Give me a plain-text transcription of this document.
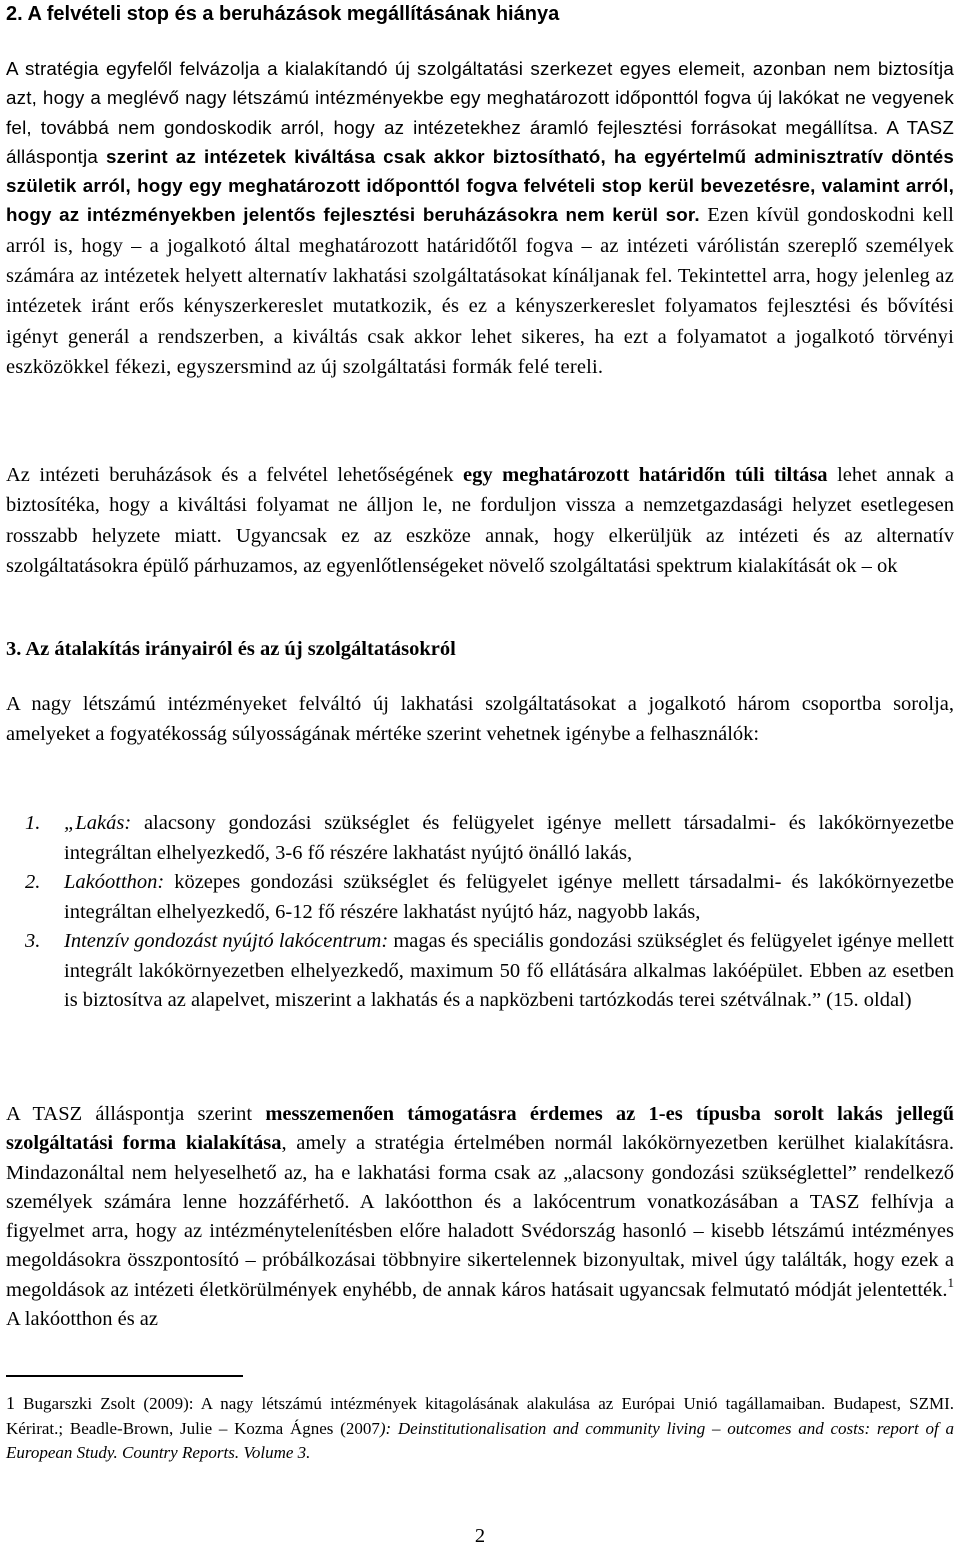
2. A felvételi stop és a beruházások megállításának hiánya

A stratégia egyfelől felvázolja a kialakítandó új szolgáltatási szerkezet egyes elemeit, azonban nem biztosítja azt, hogy a meglévő nagy létszámú intézményekbe egy meghatározott időponttól fogva új lakókat ne vegyenek fel, továbbá nem gondoskodik arról, hogy az intézetekhez áramló fejlesztési forrásokat megállítsa. A TASZ álláspontja szerint az intézetek kiváltása csak akkor biztosítható, ha egyértelmű adminisztratív döntés születik arról, hogy egy meghatározott időponttól fogva felvételi stop kerül bevezetésre, valamint arról, hogy az intézményekben jelentős fejlesztési beruházásokra nem kerül sor. Ezen kívül gondoskodni kell arról is, hogy – a jogalkotó által meghatározott határidőtől fogva – az intézeti várólistán szereplő személyek számára az intézetek helyett alternatív lakhatási szolgáltatásokat kínáljanak fel. Tekintettel arra, hogy jelenleg az intézetek iránt erős kényszerkereslet mutatkozik, és ez a kényszerkereslet folyamatos fejlesztési és bővítési igényt generál a rendszerben, a kiváltás csak akkor lehet sikeres, ha ezt a folyamatot a jogalkotó törvényi eszközökkel fékezi, egyszersmind az új szolgáltatási formák felé tereli.

Az intézeti beruházások és a felvétel lehetőségének egy meghatározott határidőn túli tiltása lehet annak a biztosítéka, hogy a kiváltási folyamat ne álljon le, ne forduljon vissza a nemzetgazdasági helyzet esetlegesen rosszabb helyzete miatt. Ugyancsak ez az eszköze annak, hogy elkerüljük az intézeti és az alternatív szolgáltatásokra épülő párhuzamos, az egyenlőtlenségeket növelő szolgáltatási spektrum kialakítását ok – ok

3. Az átalakítás irányairól és az új szolgáltatásokról

A nagy létszámú intézményeket felváltó új lakhatási szolgáltatásokat a jogalkotó három csoportba sorolja, amelyeket a fogyatékosság súlyosságának mértéke szerint vehetnek igénybe a felhasználók:

1. „Lakás: alacsony gondozási szükséglet és felügyelet igénye mellett társadalmi- és lakókörnyezetbe integráltan elhelyezkedő, 3-6 fő részére lakhatást nyújtó önálló lakás,
2. Lakóotthon: közepes gondozási szükséglet és felügyelet igénye mellett társadalmi- és lakókörnyezetbe integráltan elhelyezkedő, 6-12 fő részére lakhatást nyújtó ház, nagyobb lakás,
3. Intenzív gondozást nyújtó lakócentrum: magas és speciális gondozási szükséglet és felügyelet igénye mellett integrált lakókörnyezetben elhelyezkedő, maximum 50 fő ellátására alkalmas lakóépület. Ebben az esetben is biztosítva az alapelvet, miszerint a lakhatás és a napközbeni tartózkodás terei szétválnak.” (15. oldal)

A TASZ álláspontja szerint messzemenően támogatásra érdemes az 1-es típusba sorolt lakás jellegű szolgáltatási forma kialakítása, amely a stratégia értelmében normál lakókörnyezetben kerülhet kialakításra. Mindazonáltal nem helyeselhető az, ha e lakhatási forma csak az „alacsony gondozási szükséglettel” rendelkező személyek számára lenne hozzáférhető. A lakóotthon és a lakócentrum vonatkozásában a TASZ felhívja a figyelmet arra, hogy az intézménytelenítésben előre haladott Svédország hasonló – kisebb létszámú intézményes megoldásokra összpontosító – próbálkozásai többnyire sikertelennek bizonyultak, mivel úgy találták, hogy ezek a megoldások az intézeti életkörülmények enyhébb, de annak káros hatásait ugyancsak felmutató módját jelentették.$^1$ A lakóotthon és az

1 Bugarszki Zsolt (2009): A nagy létszámú intézmények kitagolásának alakulása az Európai Unió tagállamaiban. Budapest, SZMI. Kérirat.; Beadle-Brown, Julie – Kozma Ágnes (2007): Deinstitutionalisation and community living – outcomes and costs: report of a European Study. Country Reports. Volume 3.

2
